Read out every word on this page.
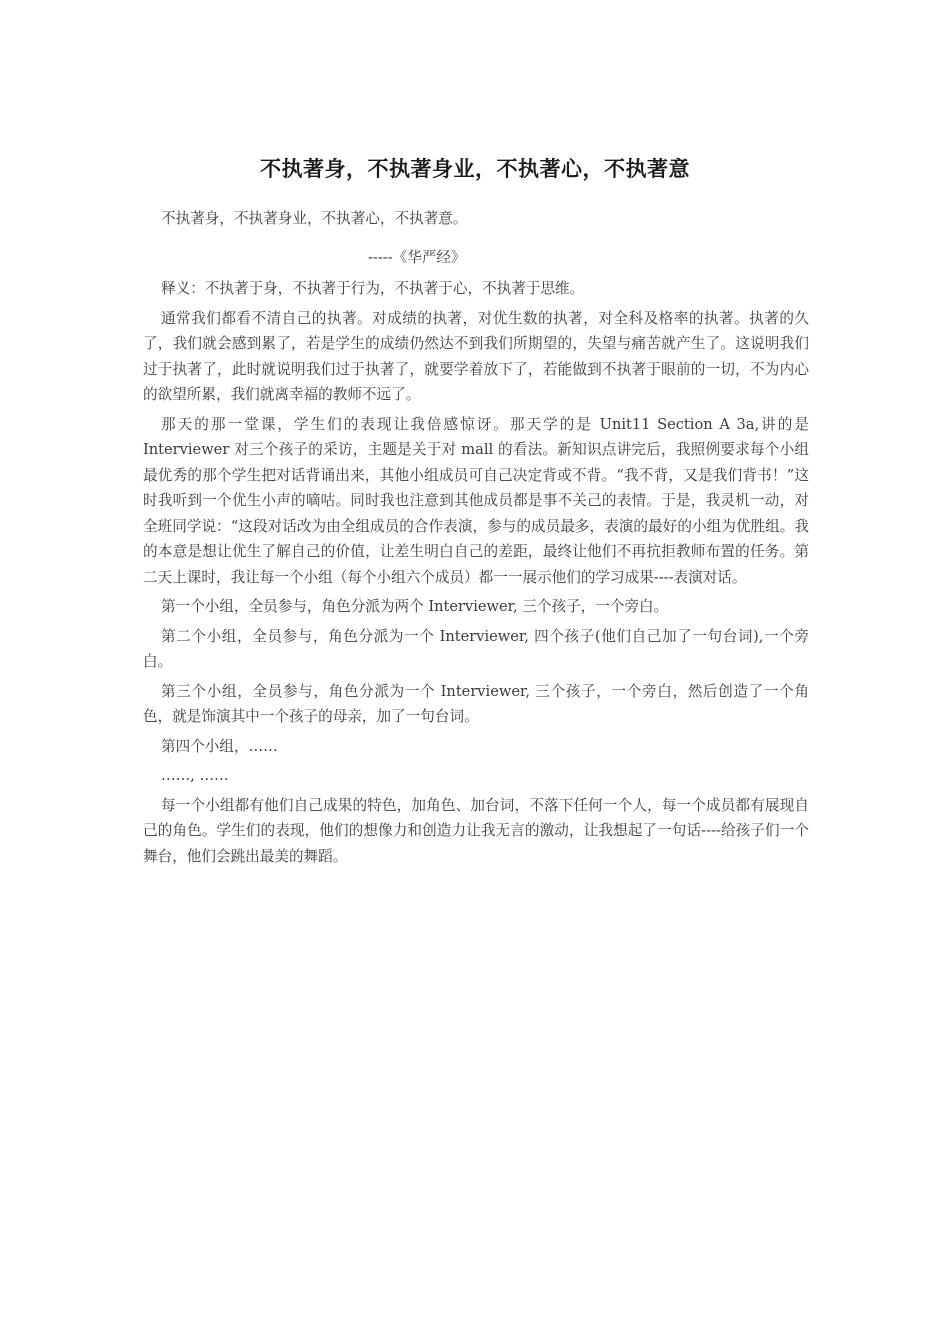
不执著身，不执著身业，不执著心，不执著意

不执著身，不执著身业，不执著心，不执著意。

-----《华严经》

释义：不执著于身，不执著于行为，不执著于心，不执著于思维。

通常我们都看不清自己的执著。对成绩的执著，对优生数的执著，对全科及格率的执著。执著的久了，我们就会感到累了，若是学生的成绩仍然达不到我们所期望的，失望与痛苦就产生了。这说明我们过于执著了，此时就说明我们过于执著了，就要学着放下了，若能做到不执著于眼前的一切，不为内心的欲望所累，我们就离幸福的教师不远了。

那天的那一堂课，学生们的表现让我倍感惊讶。那天学的是 Unit11 Section A 3a,讲的是 Interviewer 对三个孩子的采访，主题是关于对 mall 的看法。新知识点讲完后，我照例要求每个小组最优秀的那个学生把对话背诵出来，其他小组成员可自己决定背或不背。“我不背，又是我们背书！”这时我听到一个优生小声的嘀咕。同时我也注意到其他成员都是事不关己的表情。于是，我灵机一动，对全班同学说：“这段对话改为由全组成员的合作表演，参与的成员最多，表演的最好的小组为优胜组。我的本意是想让优生了解自己的价值，让差生明白自己的差距，最终让他们不再抗拒教师布置的任务。第二天上课时，我让每一个小组（每个小组六个成员）都一一展示他们的学习成果----表演对话。

第一个小组，全员参与，角色分派为两个 Interviewer, 三个孩子，一个旁白。

第二个小组，全员参与，角色分派为一个 Interviewer, 四个孩子(他们自己加了一句台词),一个旁白。

第三个小组，全员参与，角色分派为一个 Interviewer, 三个孩子，一个旁白，然后创造了一个角色，就是饰演其中一个孩子的母亲，加了一句台词。

第四个小组，……

……, ……

每一个小组都有他们自己成果的特色，加角色、加台词，不落下任何一个人，每一个成员都有展现自己的角色。学生们的表现，他们的想像力和创造力让我无言的激动，让我想起了一句话----给孩子们一个舞台，他们会跳出最美的舞蹈。
